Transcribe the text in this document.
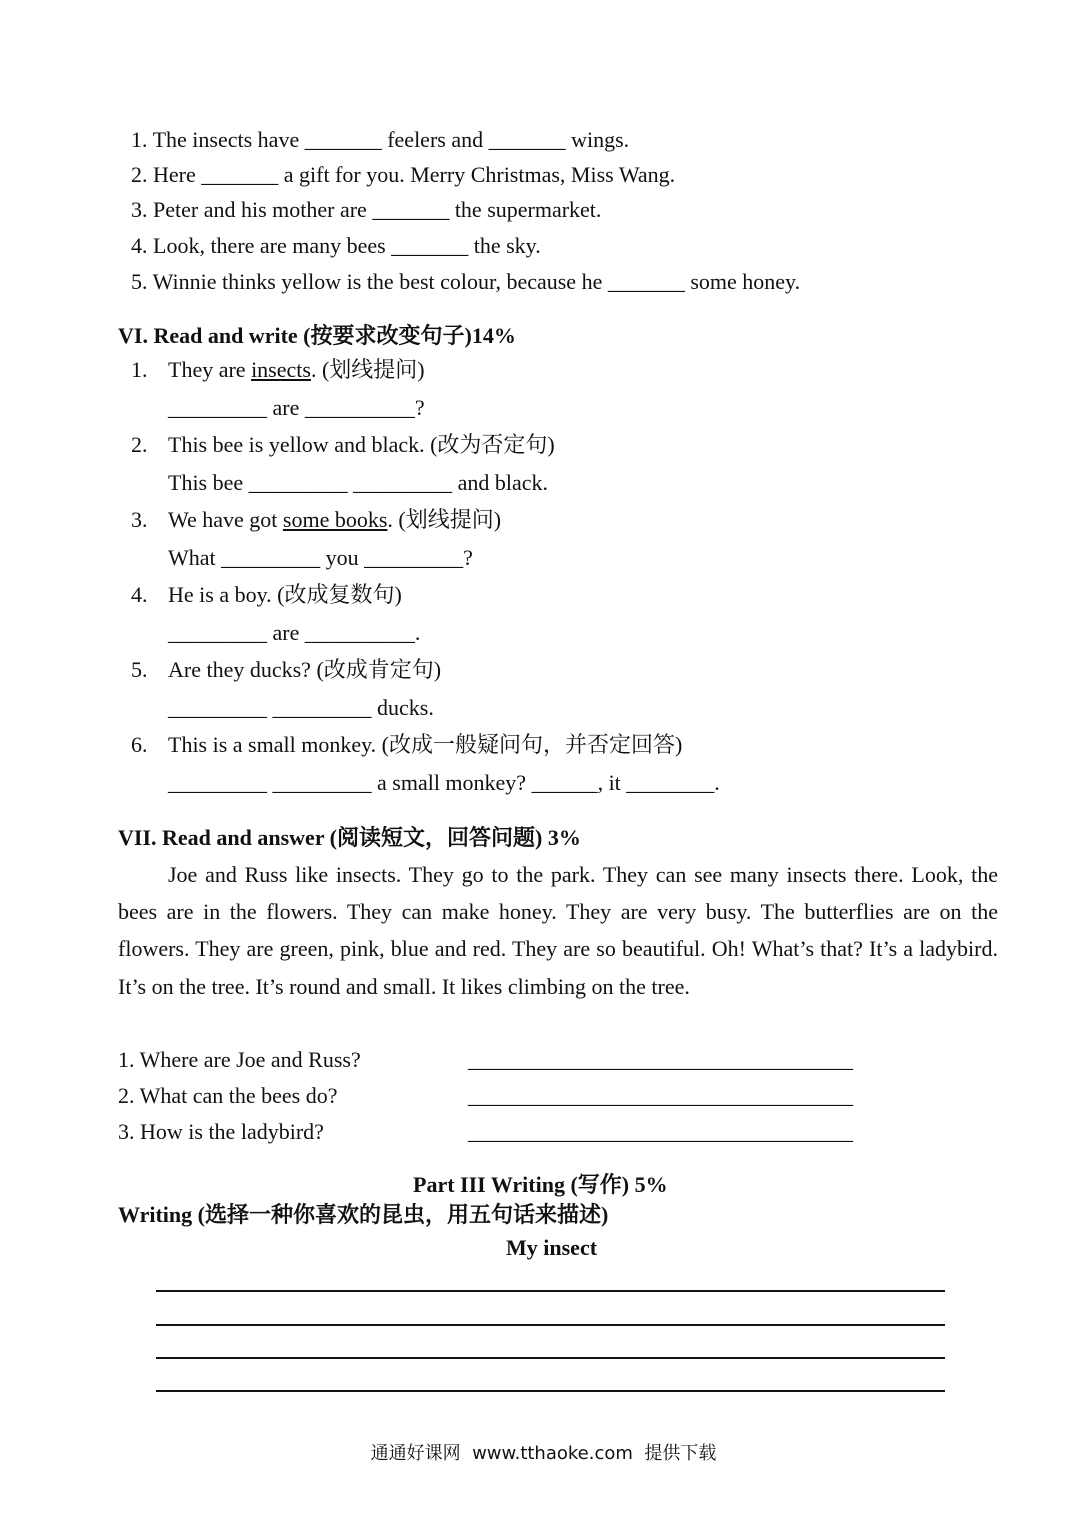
1. The insects have _______ feelers and _______ wings.
2. Here _______ a gift for you. Merry Christmas, Miss Wang.
3. Peter and his mother are _______ the supermarket.
4. Look, there are many bees _______ the sky.
5. Winnie thinks yellow is the best colour, because he _______ some honey.
VI. Read and write (按要求改变句子)14%
1. They are insects. (划线提问)
_________ are __________?
2. This bee is yellow and black. (改为否定句)
This bee _________ _________ and black.
3. We have got some books. (划线提问)
What _________ you _________?
4. He is a boy. (改成复数句)
_________ are __________.
5. Are they ducks? (改成肯定句)
_________ _________ ducks.
6. This is a small monkey. (改成一般疑问句，并否定回答)
_________ _________ a small monkey? ______, it ________.
VII. Read and answer (阅读短文，回答问题) 3%
Joe and Russ like insects. They go to the park. They can see many insects there. Look, the bees are in the flowers. They can make honey. They are very busy. The butterflies are on the flowers. They are green, pink, blue and red. They are so beautiful. Oh! What’s that? It’s a ladybird. It’s on the tree. It’s round and small. It likes climbing on the tree.
1. Where are Joe and Russ?	___________________________________
2. What can the bees do?	___________________________________
3. How is the ladybird?	___________________________________
Part III Writing (写作) 5%
Writing (选择一种你喜欢的昆虫，用五句话来描述)
My insect
通通好课网  www.tthaoke.com  提供下载
